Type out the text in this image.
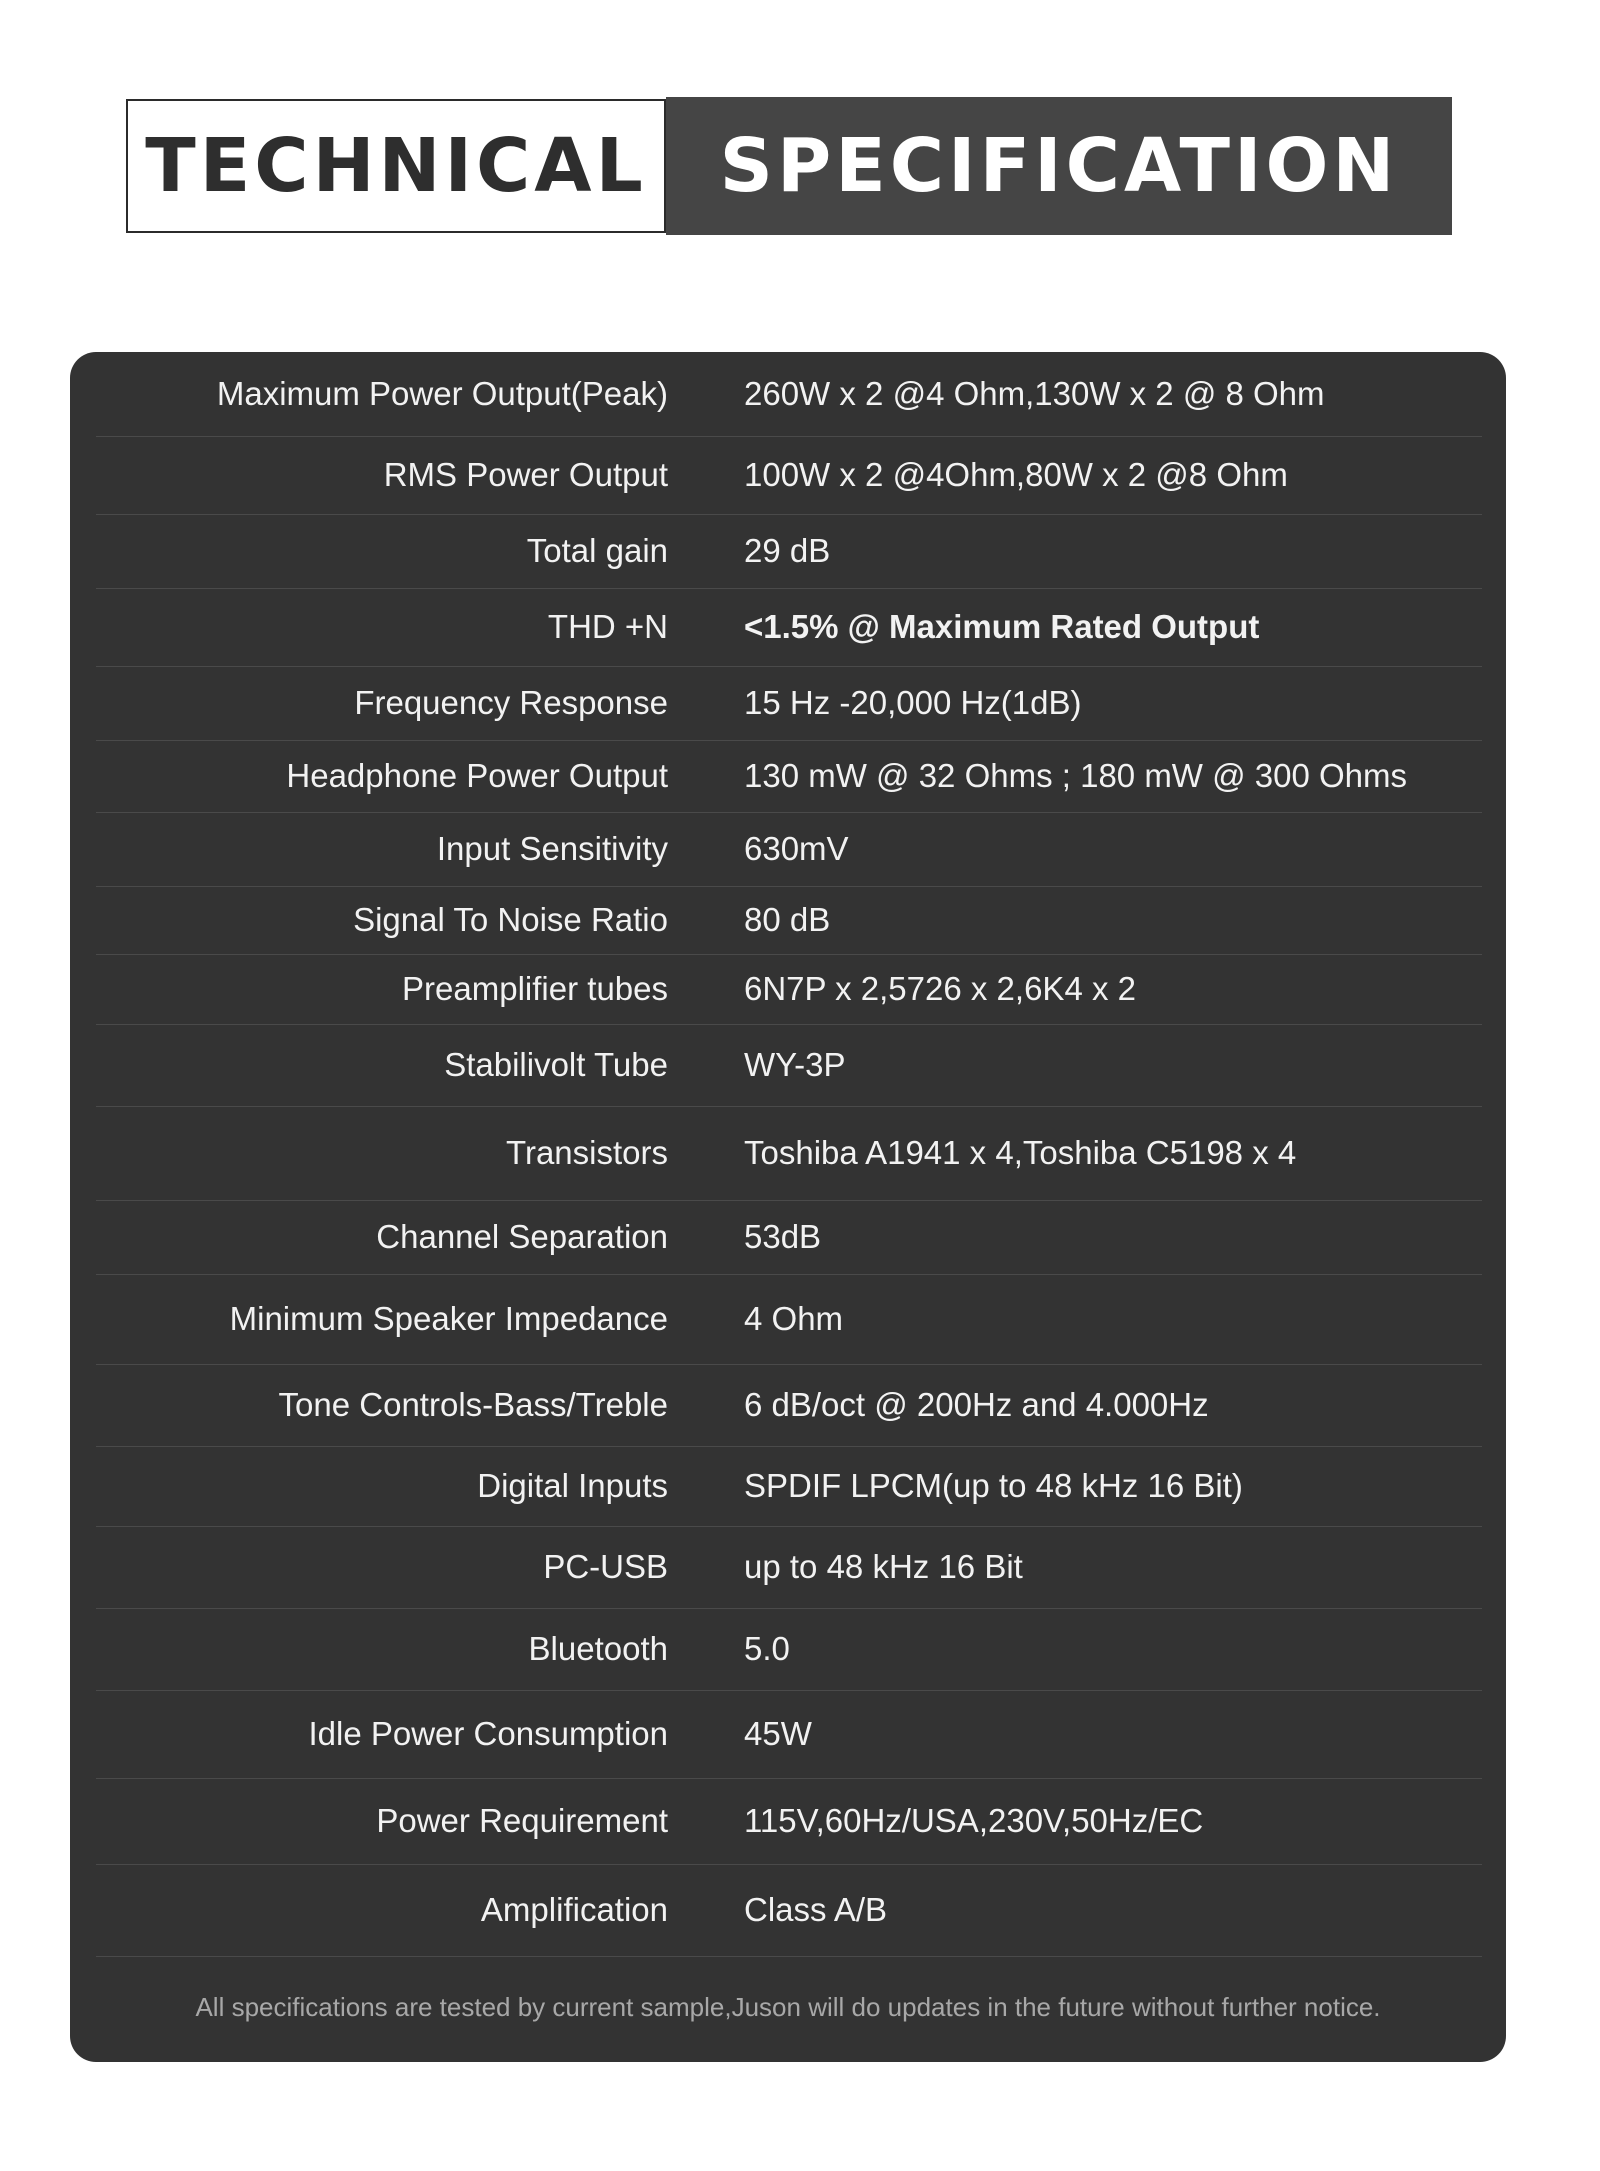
TECHNICAL SPECIFICATION
Maximum Power Output(Peak)	260W x 2 @4 Ohm,130W x 2 @ 8 Ohm
RMS Power Output	100W x 2 @4Ohm,80W x 2 @8 Ohm
Total gain	29 dB
THD +N	<1.5% @ Maximum Rated Output
Frequency Response	15 Hz -20,000 Hz(1dB)
Headphone Power Output	130 mW @ 32 Ohms ; 180 mW @ 300 Ohms
Input Sensitivity	630mV
Signal To Noise Ratio	80 dB
Preamplifier tubes	6N7P x 2,5726 x 2,6K4 x 2
Stabilivolt Tube	WY-3P
Transistors	Toshiba A1941 x 4,Toshiba C5198 x 4
Channel Separation	53dB
Minimum Speaker Impedance	4 Ohm
Tone Controls-Bass/Treble	6 dB/oct @ 200Hz and 4.000Hz
Digital Inputs	SPDIF LPCM(up to 48 kHz 16 Bit)
PC-USB	up to 48 kHz 16 Bit
Bluetooth	5.0
Idle Power Consumption	45W
Power Requirement	115V,60Hz/USA,230V,50Hz/EC
Amplification	Class A/B
All specifications are tested by current sample,Juson will do updates in the future without further notice.
